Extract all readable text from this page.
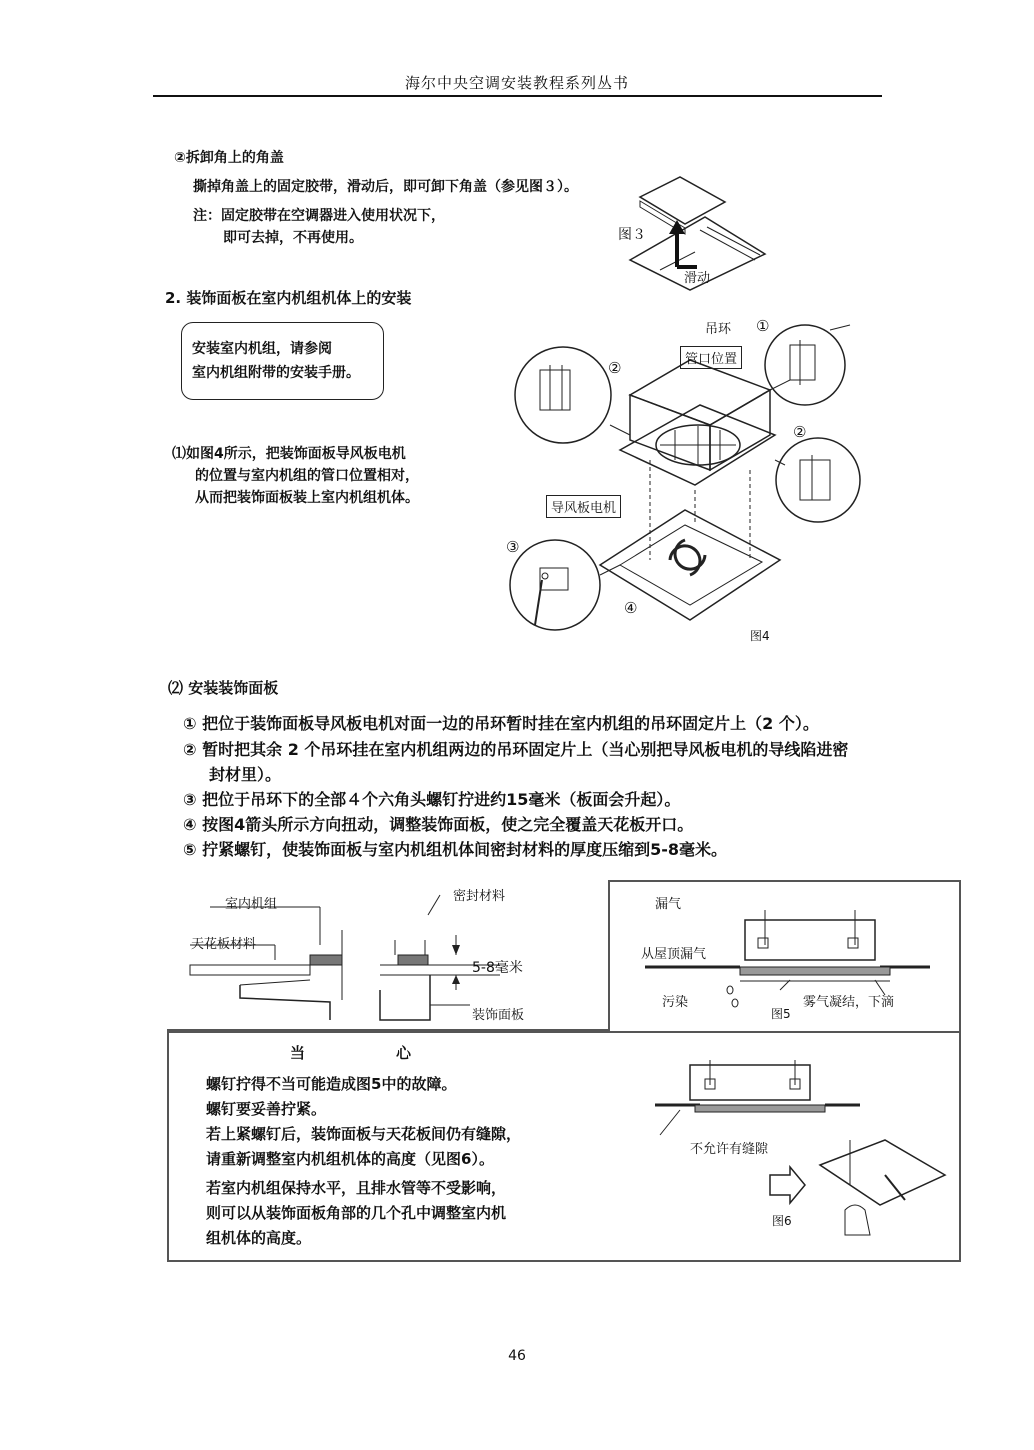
海尔中央空调安装教程系列丛书
②拆卸角上的角盖
撕掉角盖上的固定胶带，滑动后，即可卸下角盖（参见图３）。
注：固定胶带在空调器进入使用状况下，
即可去掉，不再使用。	图３
滑动
2. 装饰面板在室内机组机体上的安装
安装室内机组，请参阅
室内机组附带的安装手册。
⑴如图4所示，把装饰面板导风板电机
的位置与室内机组的管口位置相对，
从而把装饰面板装上室内机组机体。
吊环 ①
②	管口位置
②
导风板电机
③
④
图4
⑵ 安装装饰面板
① 把位于装饰面板导风板电机对面一边的吊环暂时挂在室内机组的吊环固定片上（2 个）。
② 暂时把其余 2 个吊环挂在室内机组两边的吊环固定片上（当心别把导风板电机的导线陷进密
封材里）。
③ 把位于吊环下的全部４个六角头螺钉拧进约15毫米（板面会升起）。
④ 按图4箭头所示方向扭动，调整装饰面板，使之完全覆盖天花板开口。
⑤ 拧紧螺钉，使装饰面板与室内机组机体间密封材料的厚度压缩到5-8毫米。
室内机组
天花板材料
密封材料
5-8毫米
装饰面板
漏气
从屋顶漏气
污染	雾气凝结，下滴
图5
当	心
螺钉拧得不当可能造成图5中的故障。
螺钉要妥善拧紧。
若上紧螺钉后，装饰面板与天花板间仍有缝隙，
请重新调整室内机组机体的高度（见图6）。
若室内机组保持水平，且排水管等不受影响，
则可以从装饰面板角部的几个孔中调整室内机
组机体的高度。
不允许有缝隙
图6
46
